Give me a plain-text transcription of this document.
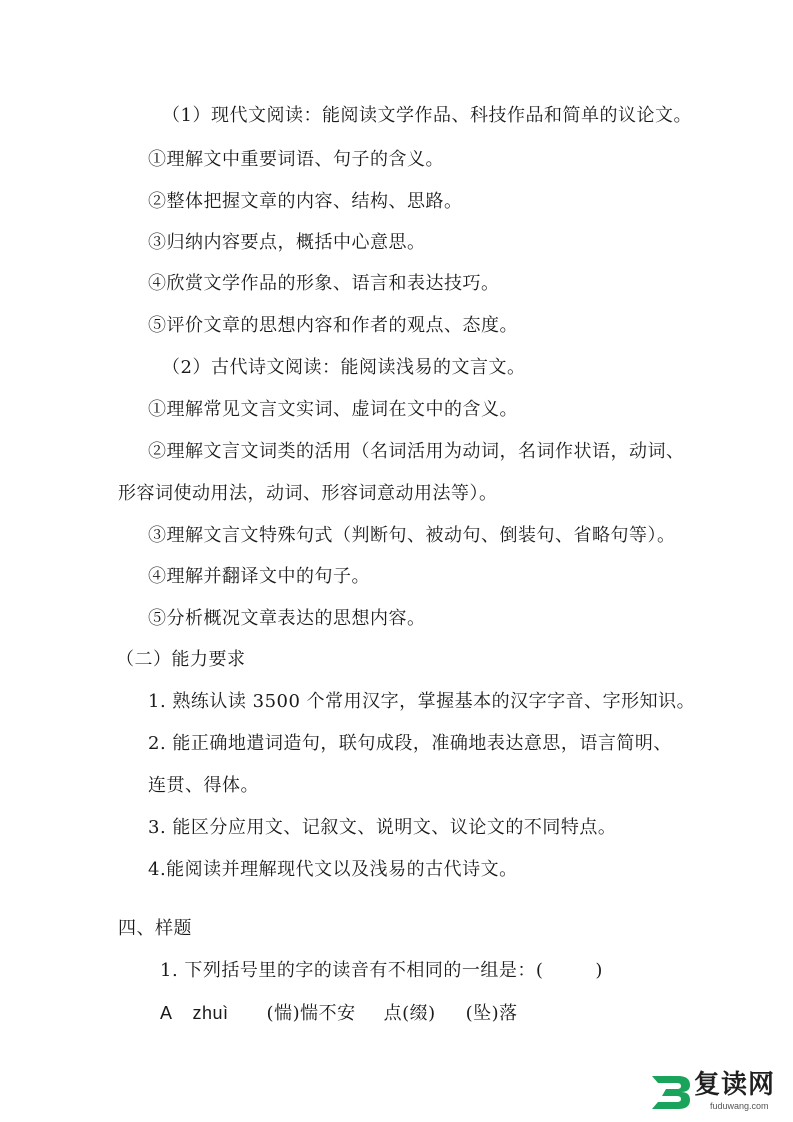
（1）现代文阅读：能阅读文学作品、科技作品和简单的议论文。
①理解文中重要词语、句子的含义。
②整体把握文章的内容、结构、思路。
③归纳内容要点，概括中心意思。
④欣赏文学作品的形象、语言和表达技巧。
⑤评价文章的思想内容和作者的观点、态度。
（2）古代诗文阅读：能阅读浅易的文言文。
①理解常见文言文实词、虚词在文中的含义。
②理解文言文词类的活用（名词活用为动词，名词作状语，动词、
形容词使动用法，动词、形容词意动用法等）。
③理解文言文特殊句式（判断句、被动句、倒装句、省略句等）。
④理解并翻译文中的句子。
⑤分析概况文章表达的思想内容。
（二）能力要求
1. 熟练认读 3500 个常用汉字，掌握基本的汉字字音、字形知识。
2. 能正确地遣词造句，联句成段，准确地表达意思，语言简明、
连贯、得体。
3. 能区分应用文、记叙文、说明文、议论文的不同特点。
4.能阅读并理解现代文以及浅易的古代诗文。
四、样题
1. 下列括号里的字的读音有不相同的一组是：(	)
A zhuì (惴)惴不安 点(缀) (坠)落
复读网
fuduwang.com
